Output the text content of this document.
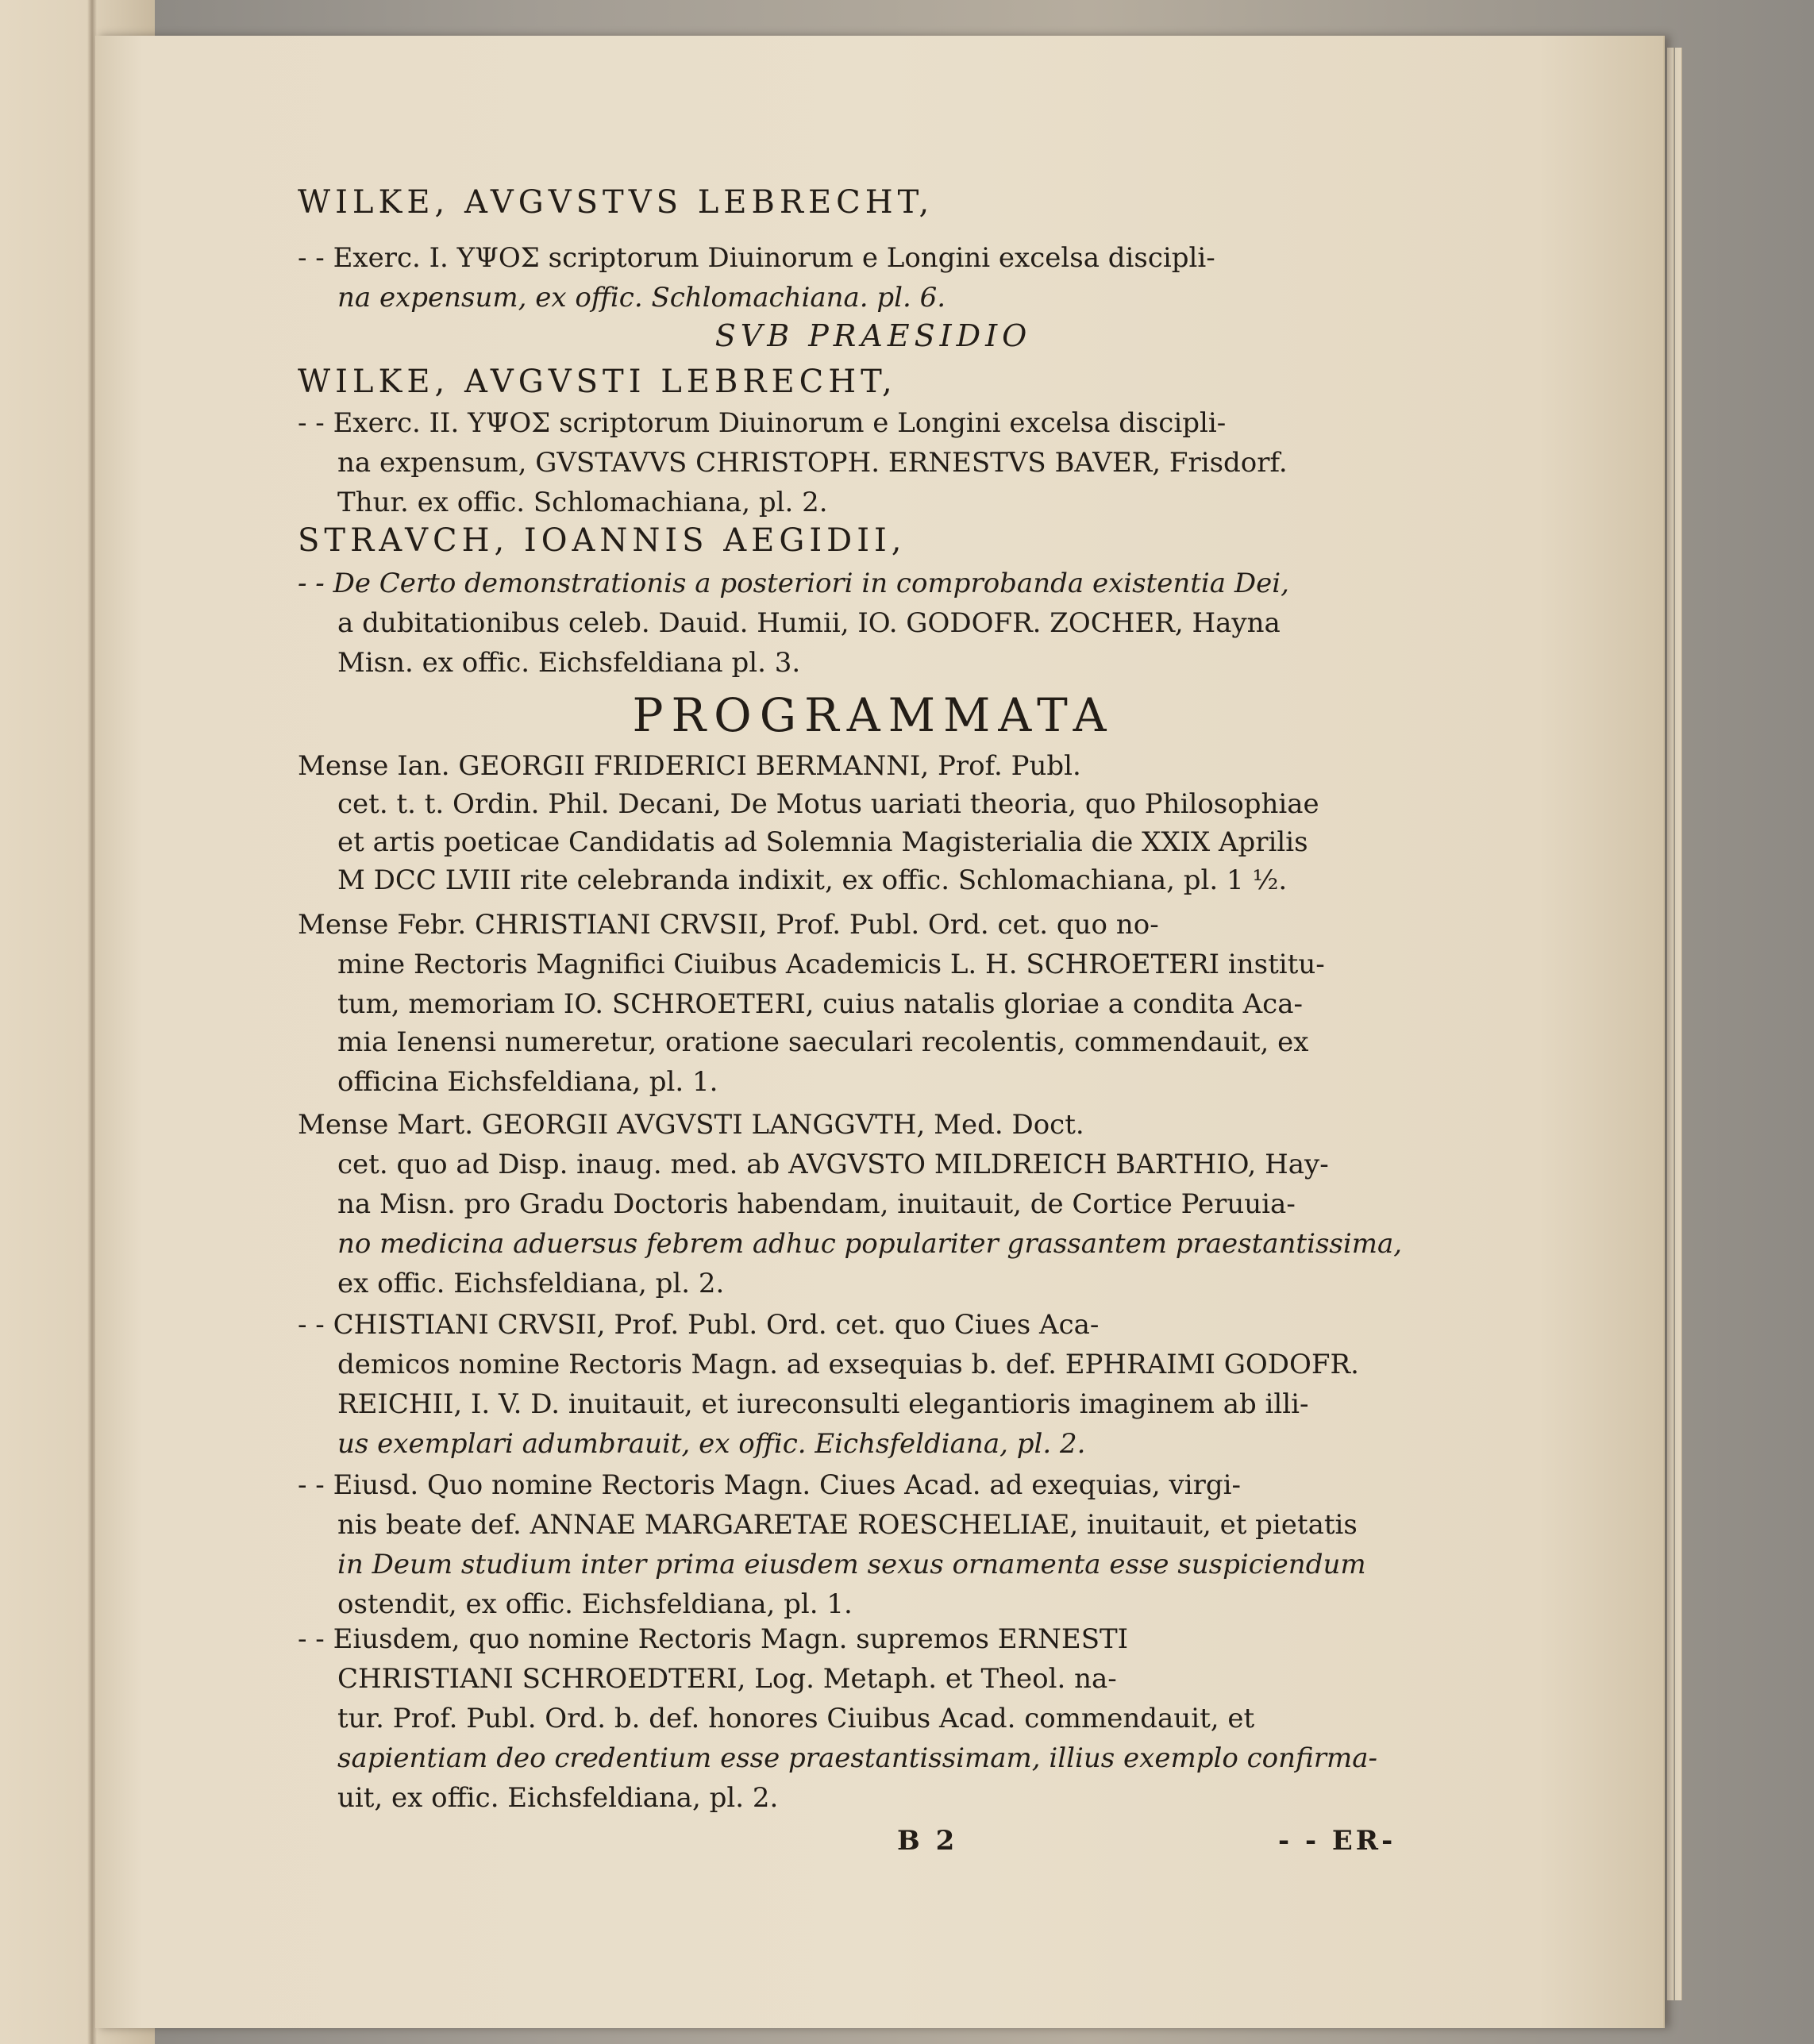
WILKE, AVGVSTVS LEBRECHT,

- - Exerc. I. ΥΨΟΣ scriptorum Diuinorum e Longini excelsa discipli-

na expensum, ex offic. Schlomachiana. pl. 6.

SVB PRAESIDIO

WILKE, AVGVSTI LEBRECHT,

- - Exerc. II. ΥΨΟΣ scriptorum Diuinorum e Longini excelsa discipli-

na expensum, GVSTAVVS CHRISTOPH. ERNESTVS BAVER, Frisdorf.

Thur. ex offic. Schlomachiana, pl. 2.

STRAVCH, IOANNIS AEGIDII,

- - De Certo demonstrationis a posteriori in comprobanda existentia Dei,

a dubitationibus celeb. Dauid. Humii, IO. GODOFR. ZOCHER, Hayna

Misn. ex offic. Eichsfeldiana pl. 3.

PROGRAMMATA

Mense Ian. GEORGII FRIDERICI BERMANNI, Prof. Publ.

cet. t. t. Ordin. Phil. Decani, De Motus uariati theoria, quo Philosophiae

et artis poeticae Candidatis ad Solemnia Magisterialia die XXIX Aprilis

M DCC LVIII rite celebranda indixit, ex offic. Schlomachiana, pl. 1 ½.

Mense Febr. CHRISTIANI CRVSII, Prof. Publ. Ord. cet. quo no-

mine Rectoris Magnifici Ciuibus Academicis L. H. SCHROETERI institu-

tum, memoriam IO. SCHROETERI, cuius natalis gloriae a condita Aca-

mia Ienensi numeretur, oratione saeculari recolentis, commendauit, ex

officina Eichsfeldiana, pl. 1.

Mense Mart. GEORGII AVGVSTI LANGGVTH, Med. Doct.

cet. quo ad Disp. inaug. med. ab AVGVSTO MILDREICH BARTHIO, Hay-

na Misn. pro Gradu Doctoris habendam, inuitauit, de Cortice Peruuia-

no medicina aduersus febrem adhuc populariter grassantem praestantissima,

ex offic. Eichsfeldiana, pl. 2.

- - CHISTIANI CRVSII, Prof. Publ. Ord. cet. quo Ciues Aca-

demicos nomine Rectoris Magn. ad exsequias b. def. EPHRAIMI GODOFR.

REICHII, I. V. D. inuitauit, et iureconsulti elegantioris imaginem ab illi-

us exemplari adumbrauit, ex offic. Eichsfeldiana, pl. 2.

- - Eiusd. Quo nomine Rectoris Magn. Ciues Acad. ad exequias, virgi-

nis beate def. ANNAE MARGARETAE ROESCHELIAE, inuitauit, et pietatis

in Deum studium inter prima eiusdem sexus ornamenta esse suspiciendum

ostendit, ex offic. Eichsfeldiana, pl. 1.

- - Eiusdem, quo nomine Rectoris Magn. supremos ERNESTI

CHRISTIANI SCHROEDTERI, Log. Metaph. et Theol. na-

tur. Prof. Publ. Ord. b. def. honores Ciuibus Acad. commendauit, et

sapientiam deo credentium esse praestantissimam, illius exemplo confirma-

uit, ex offic. Eichsfeldiana, pl. 2.

B 2	- - ER-
